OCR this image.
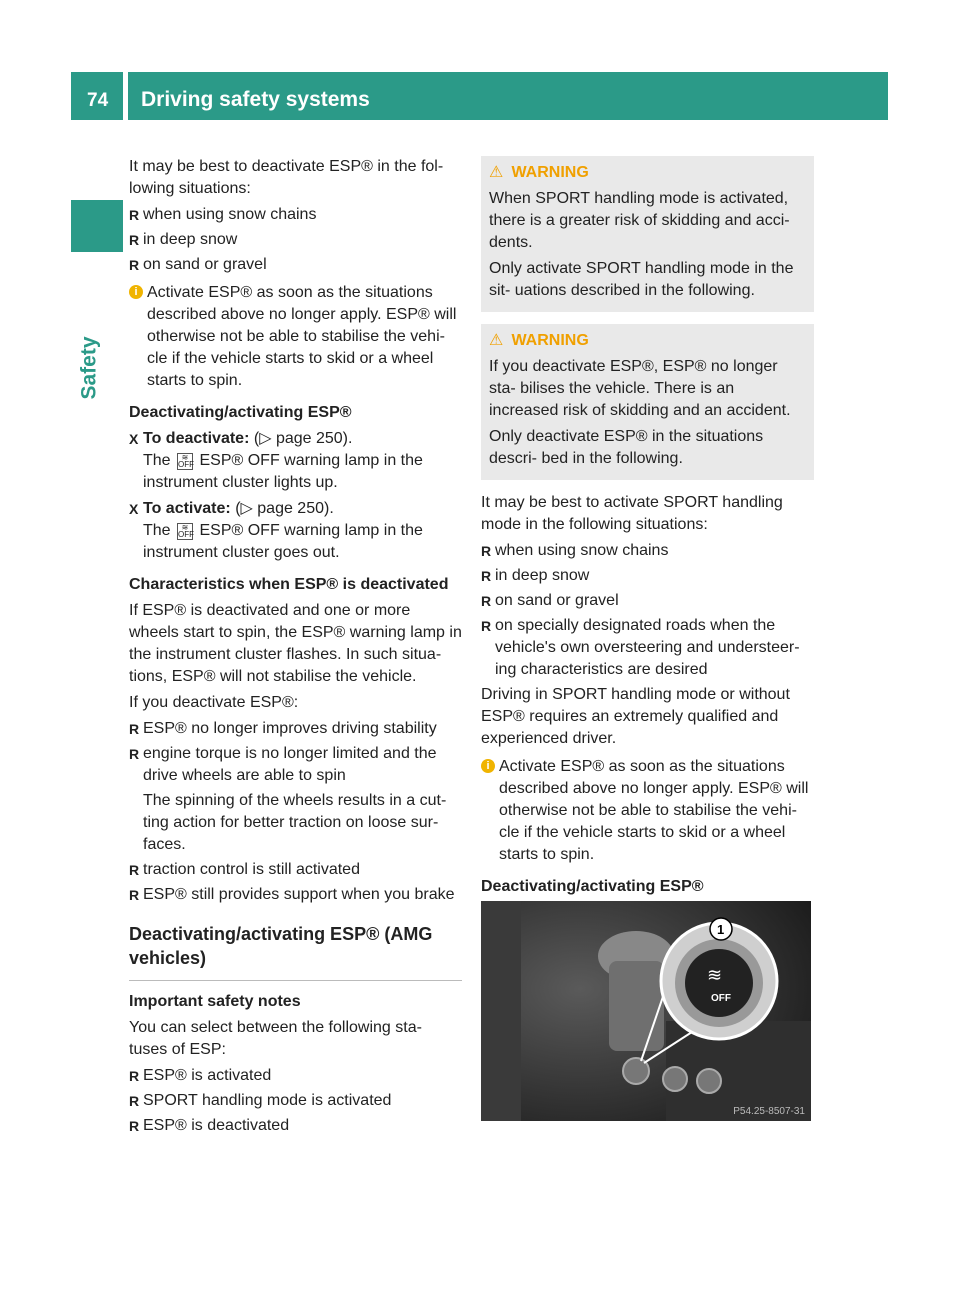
74 Driving safety systems
Safety

It may be best to deactivate ESP® in the fol- lowing situations:

R when using snow chains
R in deep snow
R on sand or gravel
i Activate ESP® as soon as the situations described above no longer apply. ESP® will otherwise not be able to stabilise the vehi- cle if the vehicle starts to skid or a wheel starts to spin.

Deactivating/activating ESP®

X To deactivate: (▷ page 250).
The ≋
OFF ESP® OFF warning lamp in the instrument cluster lights up.
X To activate: (▷ page 250).
The ≋
OFF ESP® OFF warning lamp in the instrument cluster goes out.

Characteristics when ESP® is deactivated

If ESP® is deactivated and one or more wheels start to spin, the ESP® warning lamp in the instrument cluster flashes. In such situa- tions, ESP® will not stabilise the vehicle.

If you deactivate ESP®:

R ESP® no longer improves driving stability
R engine torque is no longer limited and the drive wheels are able to spin

The spinning of the wheels results in a cut- ting action for better traction on loose sur- faces.

R traction control is still activated
R ESP® still provides support when you brake
Deactivating/activating ESP® (AMG vehicles)

Important safety notes

You can select between the following sta- tuses of ESP:

R ESP® is activated
R SPORT handling mode is activated
R ESP® is deactivated
⚠ WARNING

When SPORT handling mode is activated, there is a greater risk of skidding and acci- dents.

Only activate SPORT handling mode in the sit- uations described in the following.

⚠ WARNING

If you deactivate ESP®, ESP® no longer sta- bilises the vehicle. There is an increased risk of skidding and an accident.

Only deactivate ESP® in the situations descri- bed in the following.

It may be best to activate SPORT handling mode in the following situations:

R when using snow chains
R in deep snow
R on sand or gravel
R on specially designated roads when the vehicle's own oversteering and understeer- ing characteristics are desired

Driving in SPORT handling mode or without ESP® requires an extremely qualified and experienced driver.

i Activate ESP® as soon as the situations described above no longer apply. ESP® will otherwise not be able to stabilise the vehi- cle if the vehicle starts to skid or a wheel starts to spin.

Deactivating/activating ESP®

≋
1
OFF
P54.25-8507-31
